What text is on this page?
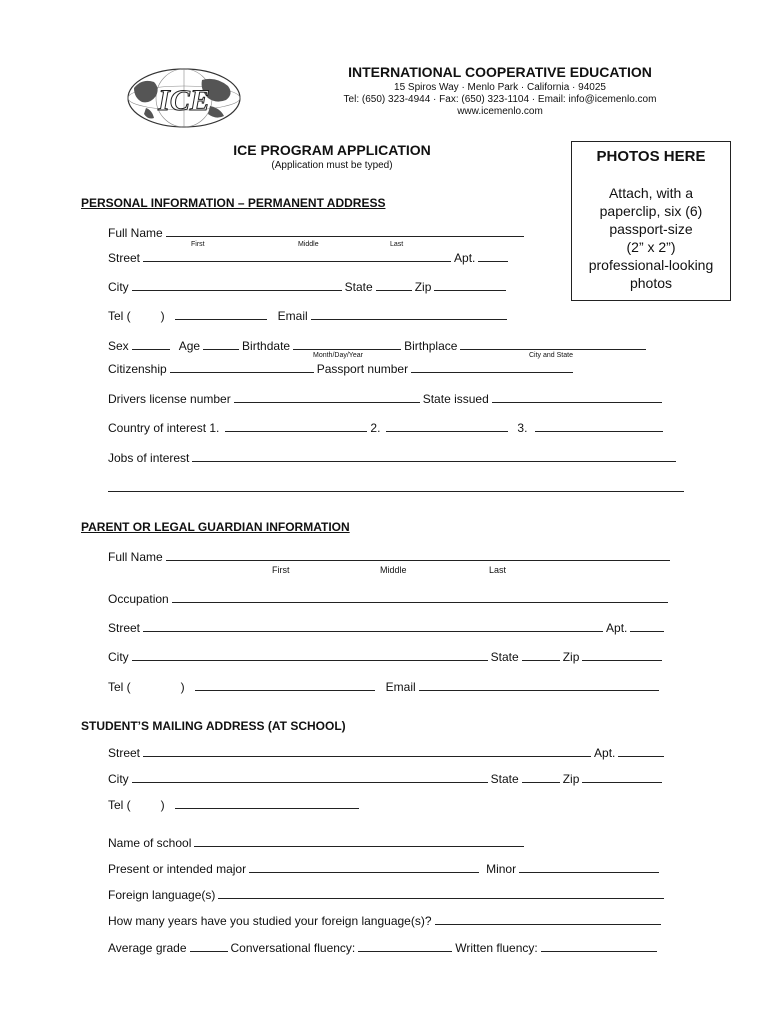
ICE
INTERNATIONAL COOPERATIVE EDUCATION
15 Spiros Way · Menlo Park · California · 94025
Tel: (650) 323-4944 · Fax: (650) 323-1104 · Email: info@icemenlo.com
www.icemenlo.com
ICE PROGRAM APPLICATION
(Application must be typed)
PHOTOS HERE
Attach, with a
paperclip, six (6)
passport-size
(2” x 2”)
professional-looking
photos
PERSONAL INFORMATION – PERMANENT ADDRESS
Full Name
First	Middle	Last
Street	Apt.
City	State	Zip
Tel (	)	Email
Sex	Age	Birthdate	Birthplace
Month/Day/Year	City and State
Citizenship	Passport number
Drivers license number	State issued
Country of interest 1.	2.	3.
Jobs of interest
PARENT OR LEGAL GUARDIAN INFORMATION
Full Name
First	Middle	Last
Occupation
Street	Apt.
City	State	Zip
Tel (	)	Email
STUDENT’S MAILING ADDRESS (AT SCHOOL)
Street	Apt.
City	State	Zip
Tel (	)
Name of school
Present or intended major	Minor
Foreign language(s)
How many years have you studied your foreign language(s)?
Average grade	Conversational fluency:	Written fluency:
